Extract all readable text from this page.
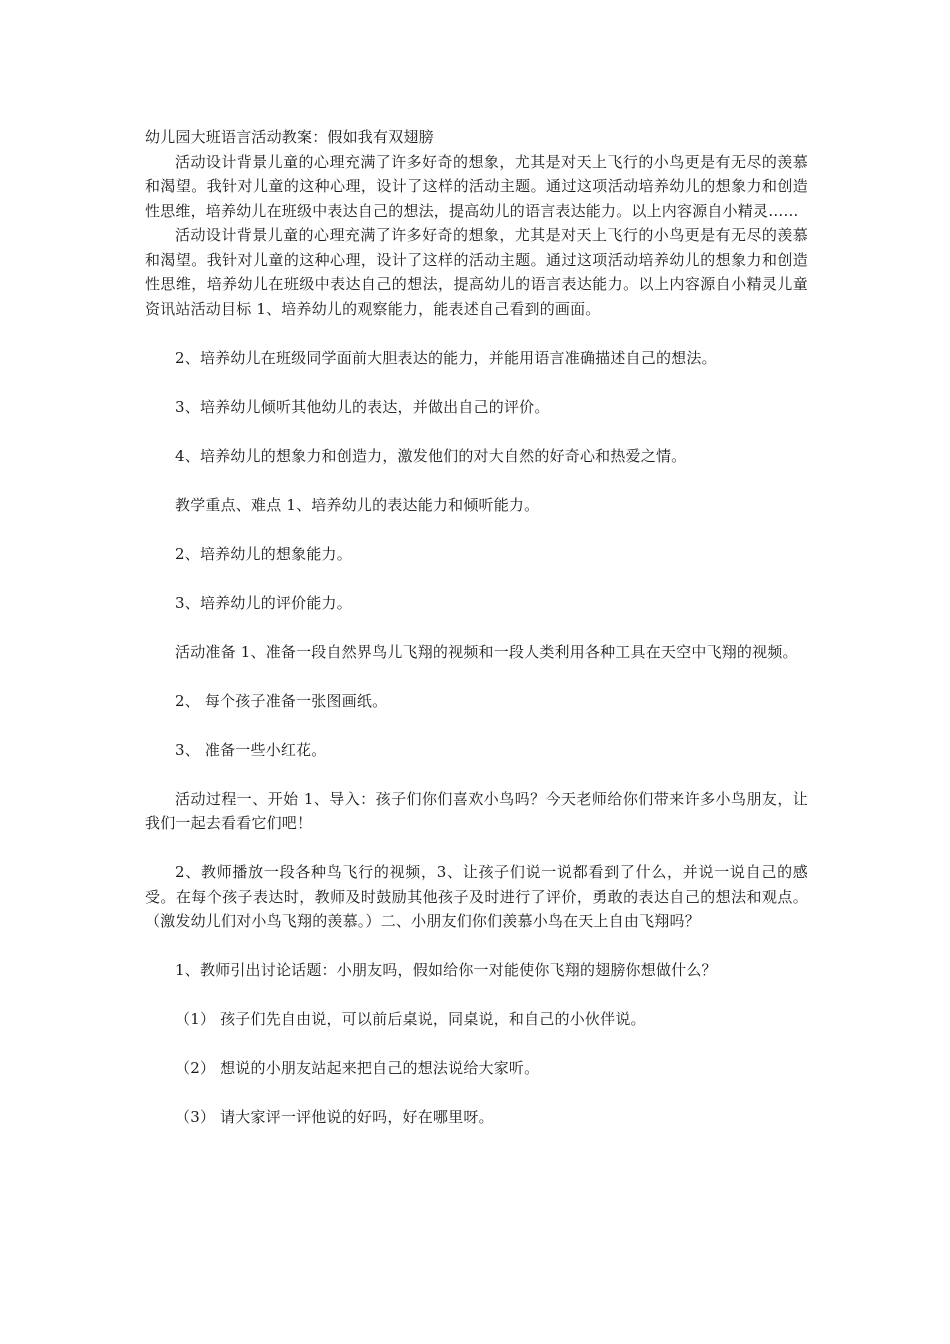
幼儿园大班语言活动教案：假如我有双翅膀

活动设计背景儿童的心理充满了许多好奇的想象，尤其是对天上飞行的小鸟更是有无尽的羡慕和渴望。我针对儿童的这种心理，设计了这样的活动主题。通过这项活动培养幼儿的想象力和创造性思维，培养幼儿在班级中表达自己的想法，提高幼儿的语言表达能力。以上内容源自小精灵……

活动设计背景儿童的心理充满了许多好奇的想象，尤其是对天上飞行的小鸟更是有无尽的羡慕和渴望。我针对儿童的这种心理，设计了这样的活动主题。通过这项活动培养幼儿的想象力和创造性思维，培养幼儿在班级中表达自己的想法，提高幼儿的语言表达能力。以上内容源自小精灵儿童资讯站活动目标 1、培养幼儿的观察能力，能表述自己看到的画面。

2、培养幼儿在班级同学面前大胆表达的能力，并能用语言准确描述自己的想法。

3、培养幼儿倾听其他幼儿的表达，并做出自己的评价。

4、培养幼儿的想象力和创造力，激发他们的对大自然的好奇心和热爱之情。

教学重点、难点 1、培养幼儿的表达能力和倾听能力。

2、培养幼儿的想象能力。

3、培养幼儿的评价能力。

活动准备 1、准备一段自然界鸟儿飞翔的视频和一段人类利用各种工具在天空中飞翔的视频。

2、 每个孩子准备一张图画纸。

3、 准备一些小红花。

活动过程一、开始 1、导入：孩子们你们喜欢小鸟吗？今天老师给你们带来许多小鸟朋友，让我们一起去看看它们吧！

2、教师播放一段各种鸟飞行的视频，3、让孩子们说一说都看到了什么，并说一说自己的感受。在每个孩子表达时，教师及时鼓励其他孩子及时进行了评价，勇敢的表达自己的想法和观点。（激发幼儿们对小鸟飞翔的羡慕。）二、小朋友们你们羡慕小鸟在天上自由飞翔吗？

1、教师引出讨论话题：小朋友吗，假如给你一对能使你飞翔的翅膀你想做什么？

（1） 孩子们先自由说，可以前后桌说，同桌说，和自己的小伙伴说。

（2） 想说的小朋友站起来把自己的想法说给大家听。

（3） 请大家评一评他说的好吗，好在哪里呀。
